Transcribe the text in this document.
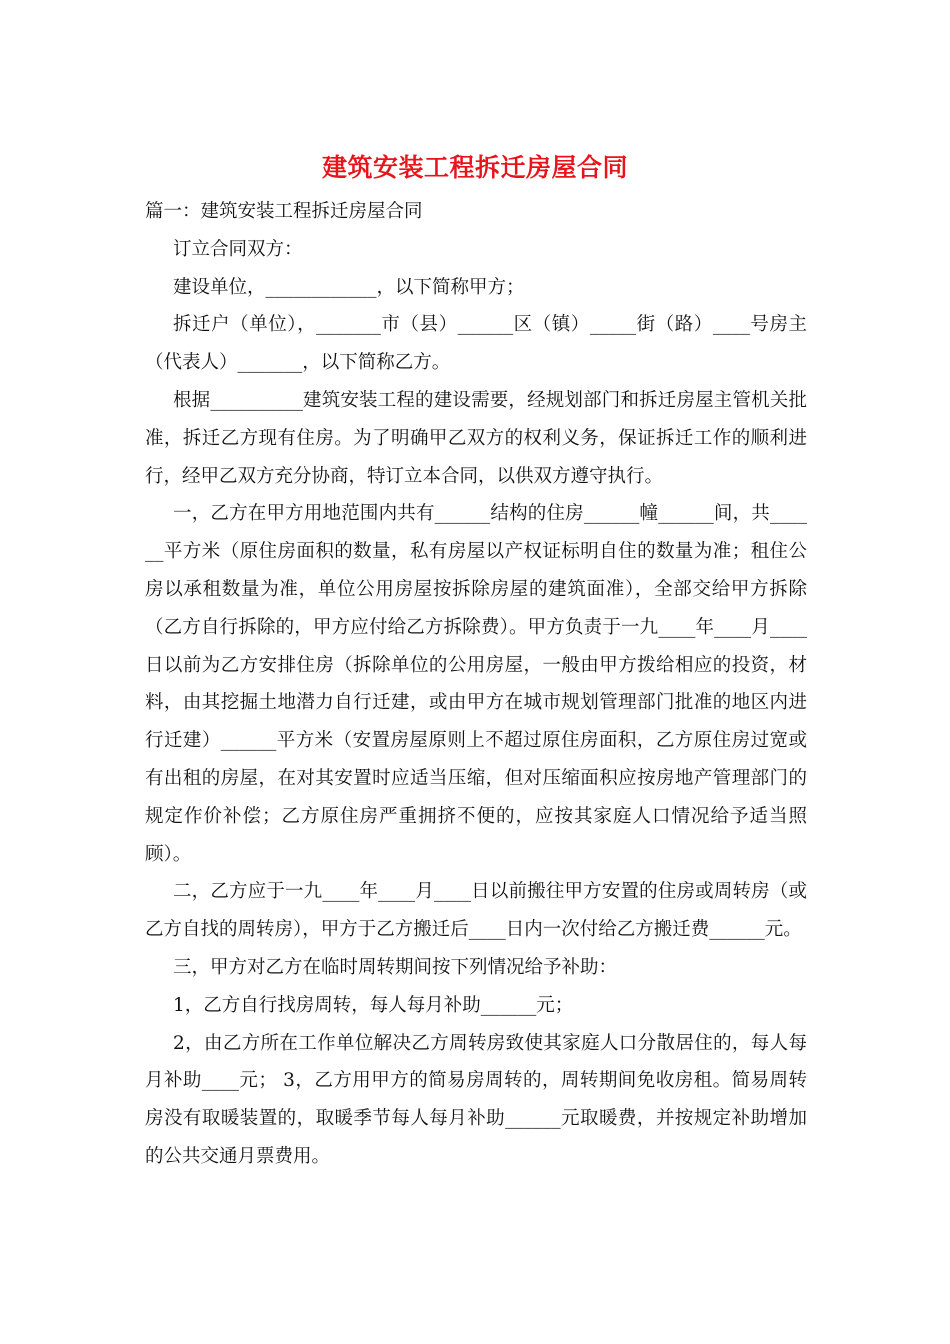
建筑安装工程拆迁房屋合同

篇一：建筑安装工程拆迁房屋合同

订立合同双方：

建设单位，____________，以下简称甲方；

拆迁户（单位），_______市（县）______区（镇）_____街（路）____号房主（代表人）_______，以下简称乙方。

根据__________建筑安装工程的建设需要，经规划部门和拆迁房屋主管机关批准，拆迁乙方现有住房。为了明确甲乙双方的权利义务，保证拆迁工作的顺利进行，经甲乙双方充分协商，特订立本合同，以供双方遵守执行。

一，乙方在甲方用地范围内共有______结构的住房______幢______间，共______平方米（原住房面积的数量，私有房屋以产权证标明自住的数量为准；租住公房以承租数量为准，单位公用房屋按拆除房屋的建筑面准），全部交给甲方拆除（乙方自行拆除的，甲方应付给乙方拆除费）。甲方负责于一九____年____月____日以前为乙方安排住房（拆除单位的公用房屋，一般由甲方拨给相应的投资，材料，由其挖掘土地潜力自行迁建，或由甲方在城市规划管理部门批准的地区内进行迁建）______平方米（安置房屋原则上不超过原住房面积，乙方原住房过宽或有出租的房屋，在对其安置时应适当压缩，但对压缩面积应按房地产管理部门的规定作价补偿；乙方原住房严重拥挤不便的，应按其家庭人口情况给予适当照顾）。

二，乙方应于一九____年____月____日以前搬往甲方安置的住房或周转房（或乙方自找的周转房），甲方于乙方搬迁后____日内一次付给乙方搬迁费______元。

三，甲方对乙方在临时周转期间按下列情况给予补助：

1，乙方自行找房周转，每人每月补助______元；

2，由乙方所在工作单位解决乙方周转房致使其家庭人口分散居住的，每人每月补助____元； 3，乙方用甲方的简易房周转的，周转期间免收房租。简易周转房没有取暖装置的，取暖季节每人每月补助______元取暖费，并按规定补助增加的公共交通月票费用。
